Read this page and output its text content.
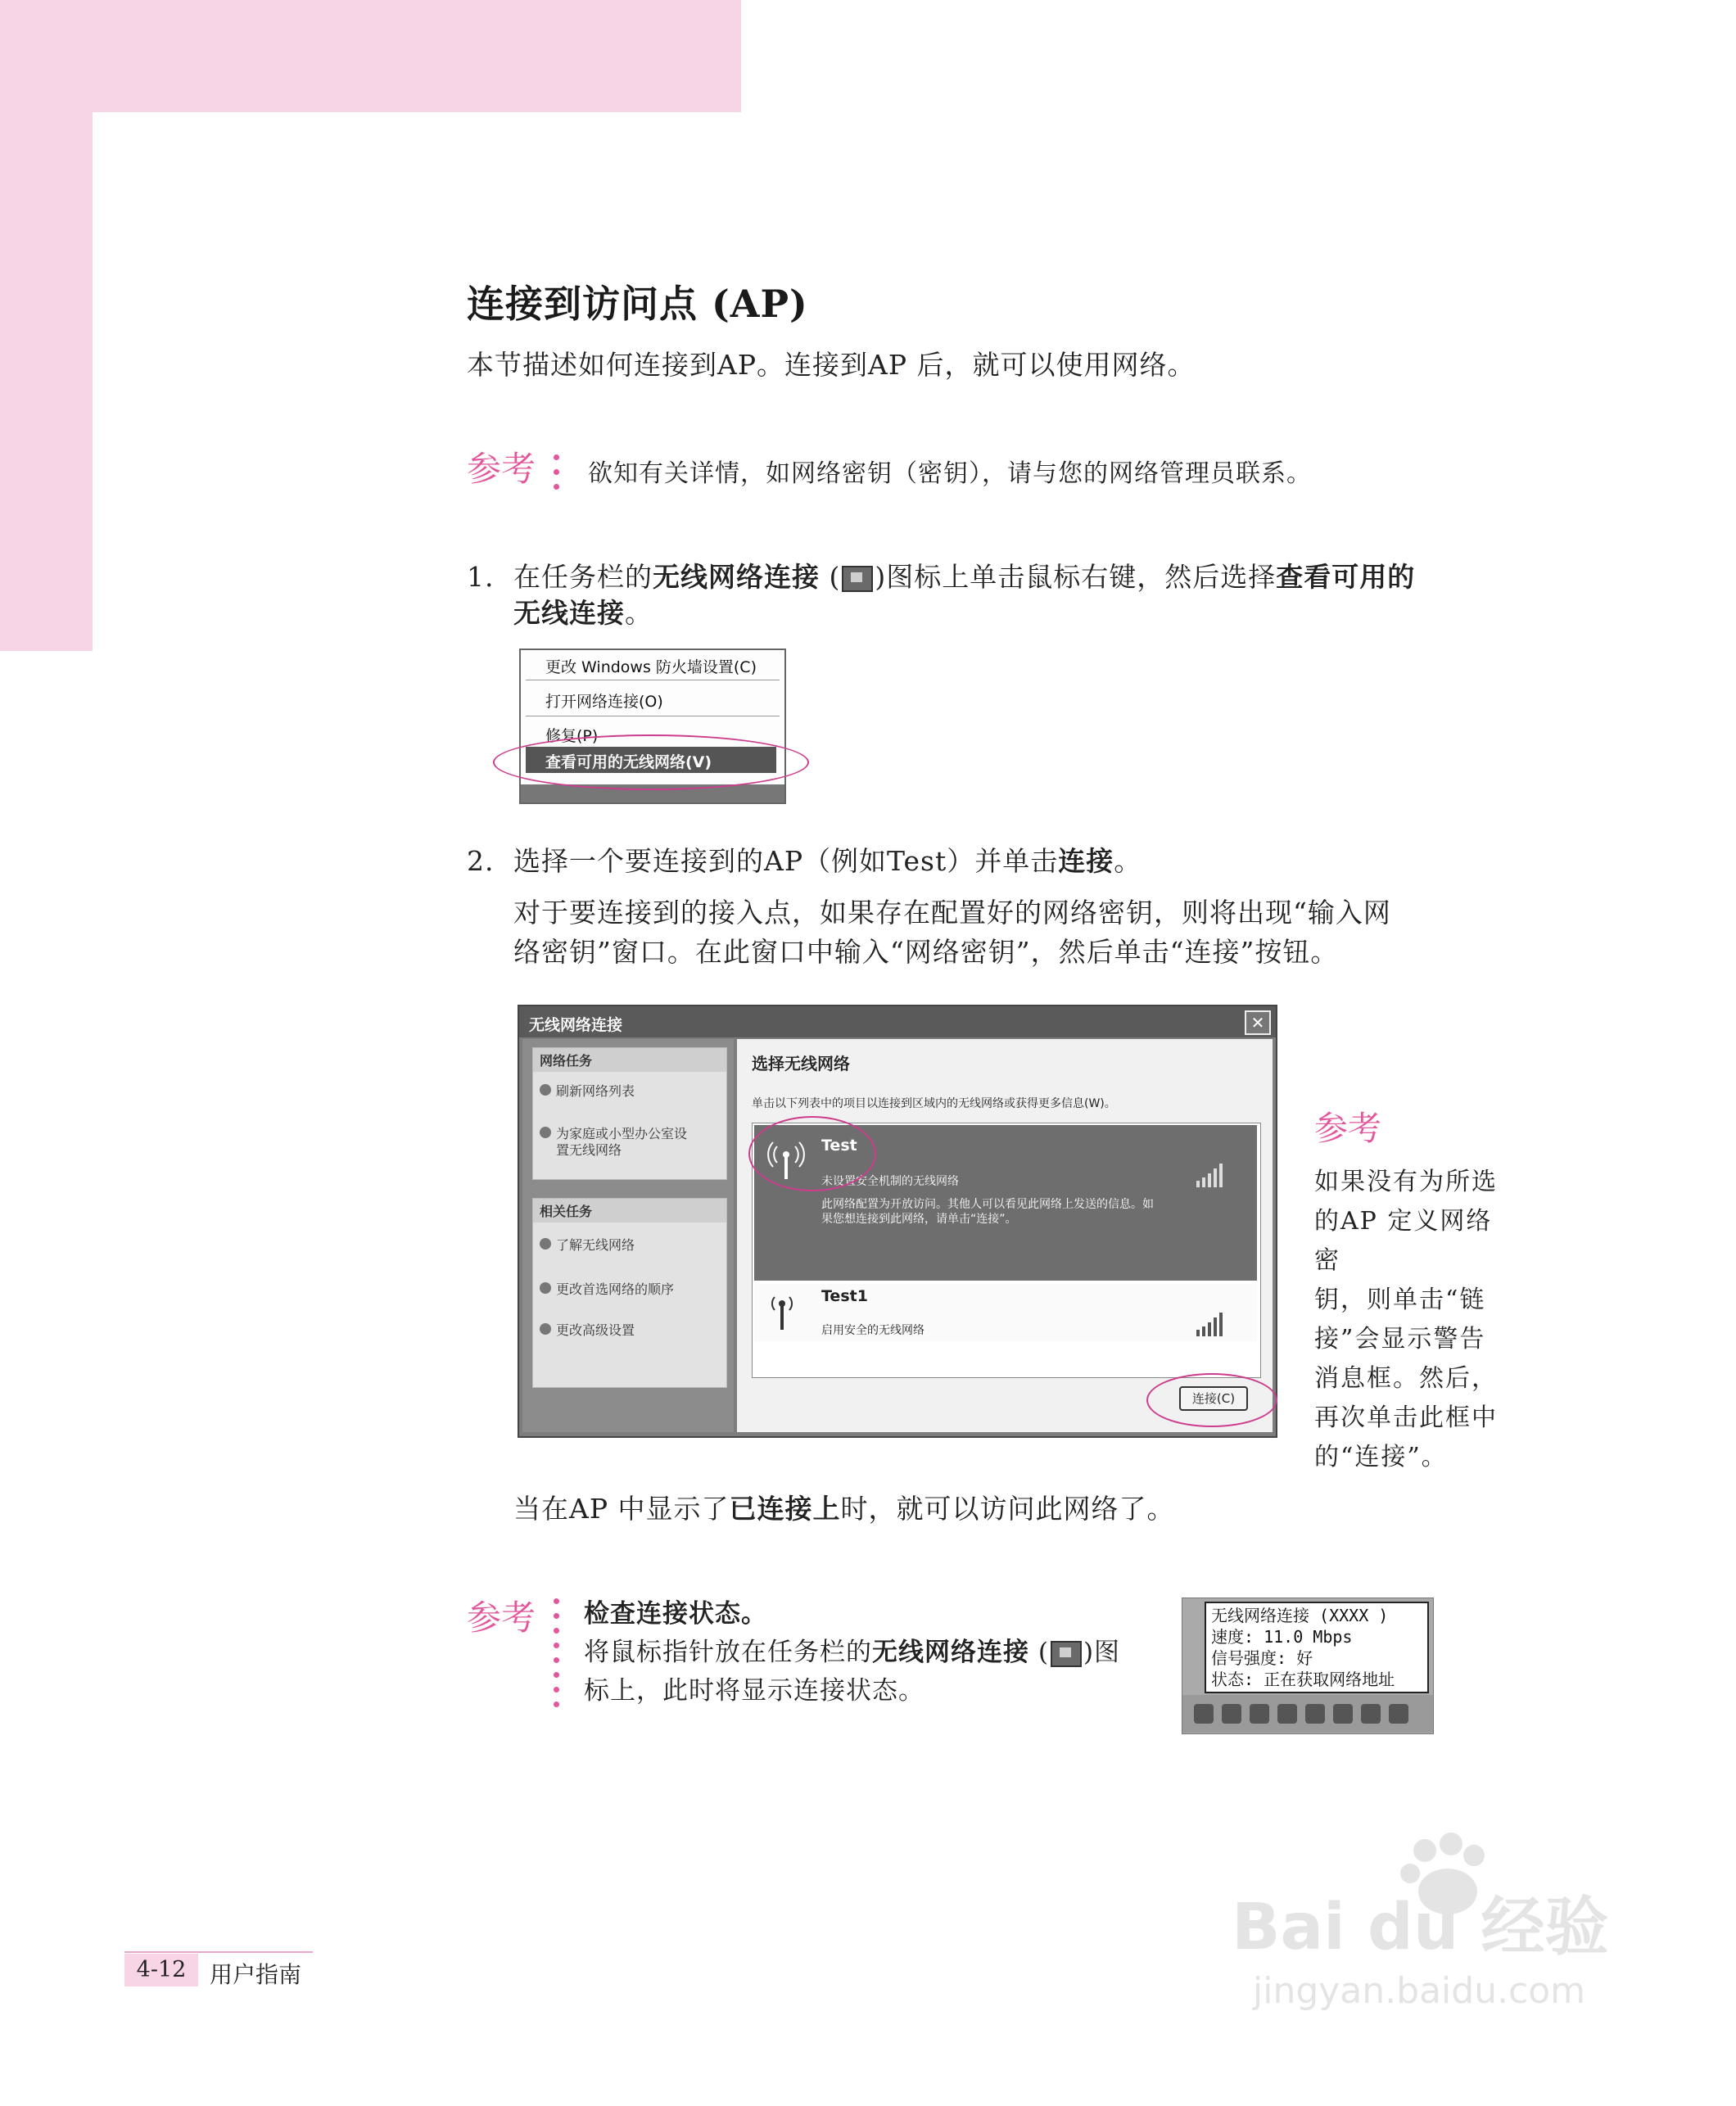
连接到访问点 (AP)
本节描述如何连接到AP。连接到AP 后，就可以使用网络。
参考 欲知有关详情，如网络密钥（密钥），请与您的网络管理员联系。
1. 在任务栏的无线网络连接 ( )图标上单击鼠标右键，然后选择查看可用的
无线连接。
更改 Windows 防火墙设置(C)
打开网络连接(O)
修复(P)
查看可用的无线网络(V)
2. 选择一个要连接到的AP（例如Test）并单击连接。
对于要连接到的接入点，如果存在配置好的网络密钥，则将出现“输入网
络密钥”窗口。在此窗口中输入“网络密钥”，然后单击“连接”按钮。
无线网络连接	✕
网络任务
刷新网络列表
为家庭或小型办公室设
置无线网络
相关任务
了解无线网络
更改首选网络的顺序
更改高级设置
选择无线网络
单击以下列表中的项目以连接到区域内的无线网络或获得更多信息(W)。
Test
未设置安全机制的无线网络
此网络配置为开放访问。其他人可以看见此网络上发送的信息。如
果您想连接到此网络，请单击“连接”。
Test1
启用安全的无线网络
连接(C)
参考
如果没有为所选
的AP 定义网络密
钥，则单击“链
接”会显示警告
消息框。然后，
再次单击此框中
的“连接”。
当在AP 中显示了已连接上时，就可以访问此网络了。
参考 检查连接状态。
将鼠标指针放在任务栏的无线网络连接 ( )图
标上，此时将显示连接状态。
无线网络连接 (XXXX )
速度: 11.0 Mbps
信号强度: 好
状态: 正在获取网络地址
4-12	用户指南
Bai du 经验
jingyan.baidu.com
